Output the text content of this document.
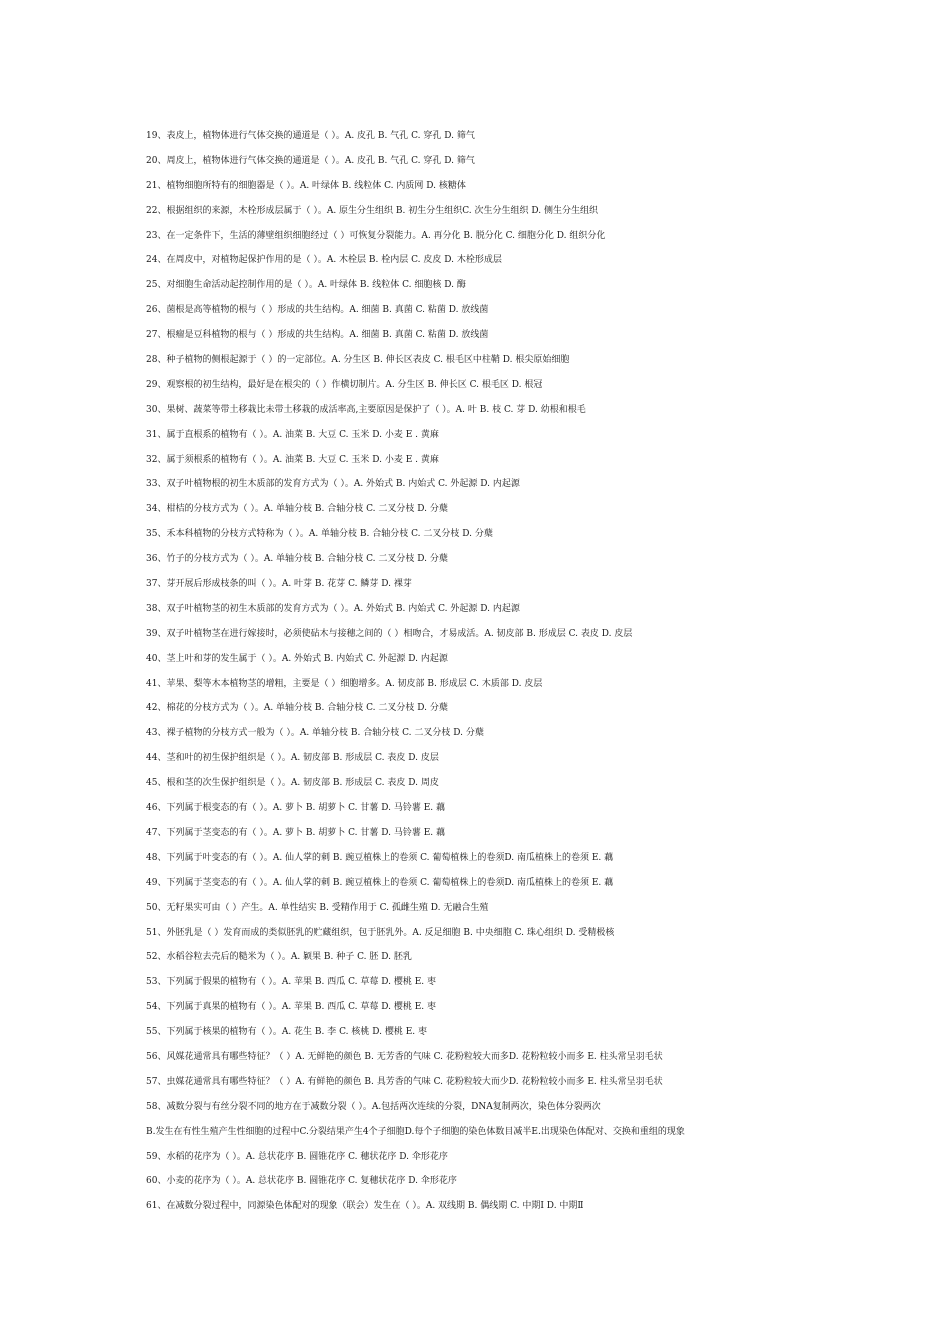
19、表皮上，植物体进行气体交换的通道是（ ）。A. 皮孔 B. 气孔 C. 穿孔 D. 筛气
20、周皮上，植物体进行气体交换的通道是（ ）。A. 皮孔 B. 气孔 C. 穿孔 D. 筛气
21、植物细胞所特有的细胞器是（ ）。A. 叶绿体 B. 线粒体 C. 内质网 D. 核糖体
22、根据组织的来源，木栓形成层属于（ ）。A. 原生分生组织 B. 初生分生组织C. 次生分生组织 D. 侧生分生组织
23、在一定条件下，生活的薄壁组织细胞经过（ ）可恢复分裂能力。A. 再分化 B. 脱分化 C. 细胞分化 D. 组织分化
24、在周皮中，对植物起保护作用的是（ ）。A. 木栓层 B. 栓内层 C. 皮皮 D. 木栓形成层
25、对细胞生命活动起控制作用的是（ ）。A. 叶绿体 B. 线粒体 C. 细胞核 D. 酶
26、菌根是高等植物的根与（ ）形成的共生结构。A. 细菌 B. 真菌 C. 粘菌 D. 放线菌
27、根瘤是豆科植物的根与（ ）形成的共生结构。A. 细菌 B. 真菌 C. 粘菌 D. 放线菌
28、种子植物的侧根起源于（ ）的一定部位。A. 分生区 B. 伸长区表皮 C. 根毛区中柱鞘 D. 根尖原始细胞
29、观察根的初生结构，最好是在根尖的（ ）作横切制片。A. 分生区 B. 伸长区 C. 根毛区 D. 根冠
30、果树、蔬菜等带土移栽比未带土移栽的成活率高,主要原因是保护了（ ）。A. 叶 B. 枝 C. 芽 D. 幼根和根毛
31、属于直根系的植物有（ ）。A. 油菜 B. 大豆 C. 玉米 D. 小麦 E . 黄麻
32、属于须根系的植物有（ ）。A. 油菜 B. 大豆 C. 玉米 D. 小麦 E . 黄麻
33、双子叶植物根的初生木质部的发育方式为（ ）。A. 外始式 B. 内始式 C. 外起源 D. 内起源
34、柑桔的分枝方式为（ ）。A. 单轴分枝 B. 合轴分枝 C. 二叉分枝 D. 分蘖
35、禾本科植物的分枝方式特称为（ ）。A. 单轴分枝 B. 合轴分枝 C. 二叉分枝 D. 分蘖
36、竹子的分枝方式为（ ）。A. 单轴分枝 B. 合轴分枝 C. 二叉分枝 D. 分蘖
37、芽开展后形成枝条的叫（ ）。A. 叶芽 B. 花芽 C. 鳞芽 D. 裸芽
38、双子叶植物茎的初生木质部的发育方式为（ ）。A. 外始式 B. 内始式 C. 外起源 D. 内起源
39、双子叶植物茎在进行嫁接时，必须使砧木与接穗之间的（ ）相吻合，才易成活。A. 韧皮部 B. 形成层 C. 表皮 D. 皮层
40、茎上叶和芽的发生属于（ ）。A. 外始式 B. 内始式 C. 外起源 D. 内起源
41、苹果、梨等木本植物茎的增粗，主要是（ ）细胞增多。A. 韧皮部 B. 形成层 C. 木质部 D. 皮层
42、棉花的分枝方式为（ ）。A. 单轴分枝 B. 合轴分枝 C. 二叉分枝 D. 分蘖
43、裸子植物的分枝方式一般为（ ）。A. 单轴分枝 B. 合轴分枝 C. 二叉分枝 D. 分蘖
44、茎和叶的初生保护组织是（ ）。A. 韧皮部 B. 形成层 C. 表皮 D. 皮层
45、根和茎的次生保护组织是（ ）。A. 韧皮部 B. 形成层 C. 表皮 D. 周皮
46、下列属于根变态的有（ ）。A. 萝卜 B. 胡萝卜 C. 甘薯 D. 马铃薯 E. 藕
47、下列属于茎变态的有（ ）。A. 萝卜 B. 胡萝卜 C. 甘薯 D. 马铃薯 E. 藕
48、下列属于叶变态的有（ ）。A. 仙人掌的刺 B. 豌豆植株上的卷须 C. 葡萄植株上的卷须D. 南瓜植株上的卷须 E. 藕
49、下列属于茎变态的有（ ）。A. 仙人掌的刺 B. 豌豆植株上的卷须 C. 葡萄植株上的卷须D. 南瓜植株上的卷须 E. 藕
50、无籽果实可由（ ）产生。A. 单性结实 B. 受精作用于 C. 孤雌生殖 D. 无融合生殖
51、外胚乳是（ ）发育而成的类似胚乳的贮藏组织，包于胚乳外。A. 反足细胞 B. 中央细胞 C. 珠心组织 D. 受精极核
52、水稻谷粒去壳后的糙米为（ ）。A. 颖果 B. 种子 C. 胚 D. 胚乳
53、下列属于假果的植物有（ ）。A. 苹果 B. 西瓜 C. 草莓 D. 樱桃 E. 枣
54、下列属于真果的植物有（ ）。A. 苹果 B. 西瓜 C. 草莓 D. 樱桃 E. 枣
55、下列属于核果的植物有（ ）。A. 花生 B. 李 C. 核桃 D. 樱桃 E. 枣
56、风媒花通常具有哪些特征？（ ）A. 无鲜艳的颜色 B. 无芳香的气味 C. 花粉粒较大而多D. 花粉粒较小而多 E. 柱头常呈羽毛状
57、虫媒花通常具有哪些特征？（ ）A. 有鲜艳的颜色 B. 具芳香的气味 C. 花粉粒较大而少D. 花粉粒较小而多 E. 柱头常呈羽毛状
58、减数分裂与有丝分裂不同的地方在于减数分裂（ ）。A.包括两次连续的分裂，DNA复制两次，染色体分裂两次
B.发生在有性生殖产生性细胞的过程中C.分裂结果产生4个子细胞D.每个子细胞的染色体数目减半E.出现染色体配对、交换和重组的现象
59、水稻的花序为（ ）。A. 总状花序 B. 圆锥花序 C. 穗状花序 D. 伞形花序
60、小麦的花序为（ ）。A. 总状花序 B. 圆锥花序 C. 复穗状花序 D. 伞形花序
61、在减数分裂过程中，同源染色体配对的现象（联会）发生在（ ）。A. 双线期 B. 偶线期 C. 中期Ⅰ D. 中期Ⅱ
